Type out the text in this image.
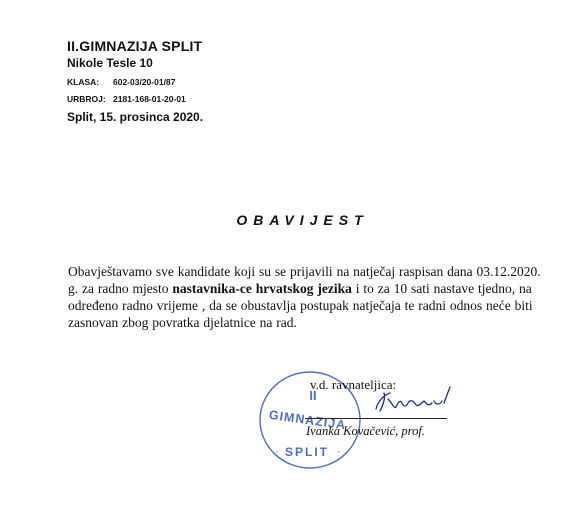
II.GIMNAZIJA SPLIT
Nikole Tesle 10
KLASA: 602-03/20-01/87
URBROJ: 2181-168-01-20-01
Split, 15. prosinca 2020.
OBAVIJEST
Obavještavamo sve kandidate koji su se prijavili na natječaj raspisan dana 03.12.2020. g. za radno mjesto nastavnika-ce hrvatskog jezika i to za 10 sati nastave tjedno, na određeno radno vrijeme , da se obustavlja postupak natječaja te radni odnos neće biti zasnovan zbog povratka djelatnice na rad.
II
GIMNAZIJA
SPLIT
·	·
v.d. ravnateljica:
Ivanka Kovačević, prof.
